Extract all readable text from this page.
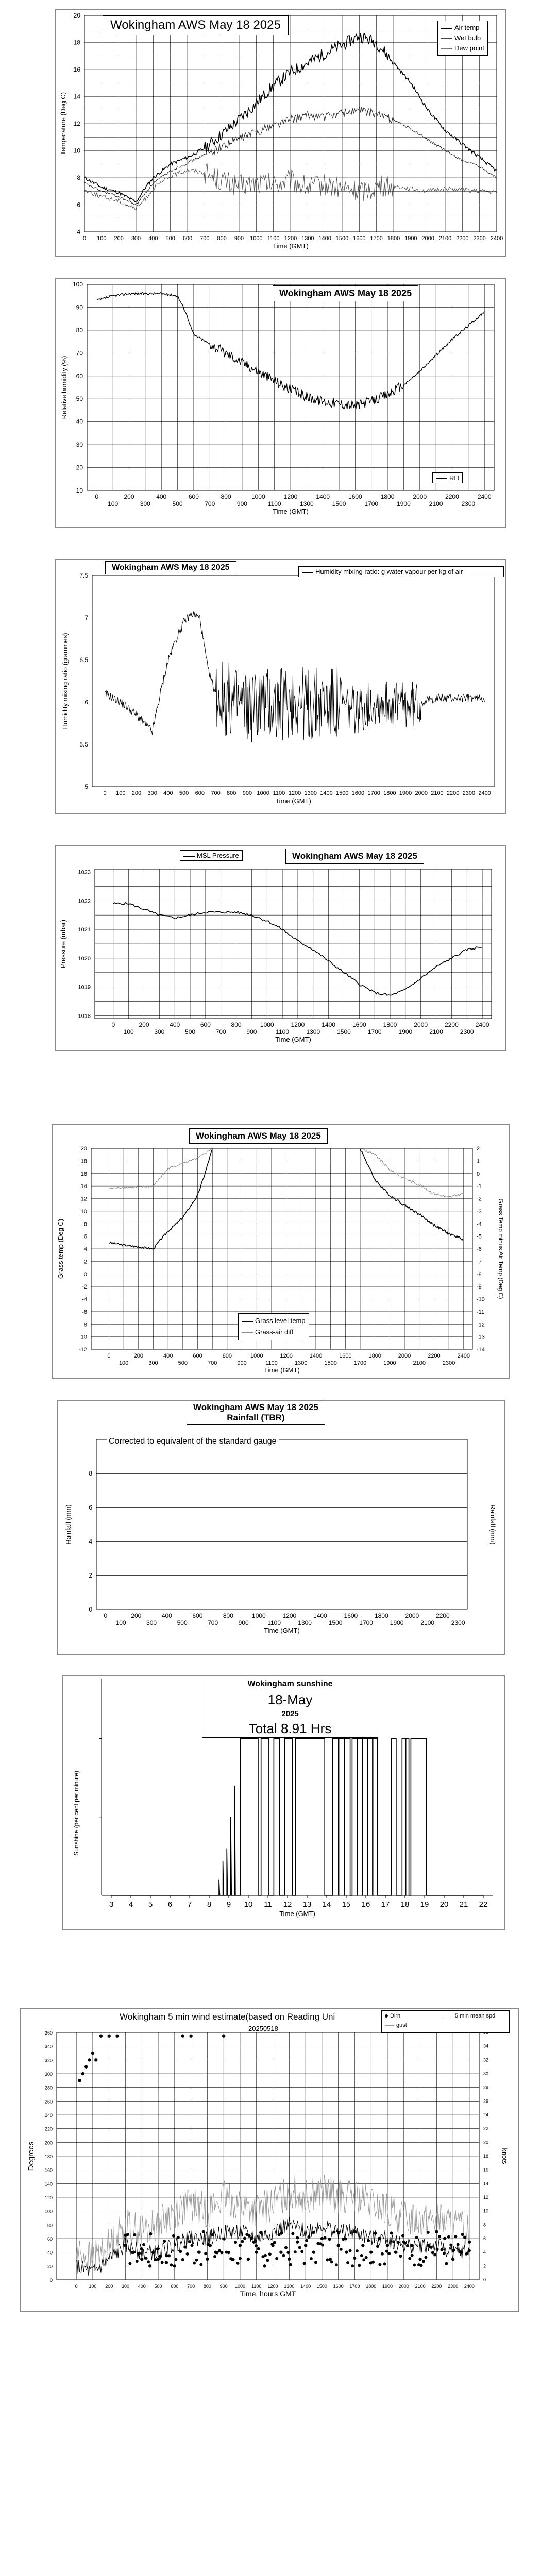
0 100 200 300 400 500 600 700 800 900 1000 1100 1200 1300 1400 1500 1600 1700 1800 1900 2000 2100 2200 2300 2400
4
6
8
10
12
14
16
18
20
Time (GMT)
Temperature (Deg C)
Wokingham AWS May 18 2025	Air temp
Wet bulb
Dew point
0
100
200
300
400
500
600
700
800
900
1000
1100
1200
1300
1400
1500
1600
1700
1800
1900
2000
2100
2200
2300
2400
10
20
30
40
50
60
70
80
90
100
Time (GMT)
Relative humidity (%)
Wokingham AWS May 18 2025
RH
0 100 200 300 400 500 600 700 800 900 1000 1100 1200 1300 1400 1500 1600 1700 1800 1900 2000 2100 2200 2300 2400
5
5.5
6
6.5
7
7.5
Time (GMT)
Humidity mixing ratio (grammes)
Wokingham AWS May 18 2025	Humidity mixing ratio: g water vapour per kg of air
0
100
200
300
400
500
600
700
800
900
1000
1100
1200
1300
1400
1500
1600
1700
1800
1900
2000
2100
2200
2300
2400
1018
1019
1020
1021
1022
1023
Time (GMT)
Pressure (mbar)
MSL Pressure	Wokingham AWS May 18 2025
0
100
200
300
400
500
600
700
800
900
1000
1100
1200
1300
1400
1500
1600
1700
1800
1900
2000
2100
2200
2300
2400
-12
-10
-8
-6
-4
-2
0
2
4
6
8
10
12
14
16
18
20
-14
-13
-12
-11
-10
-9
-8
-7
-6
-5
-4
-3
-2
-1
0
1
2
Time (GMT)
Grass temp (Deg C)	Grass Temp minus Air Temp (Deg C)
Wokingham AWS May 18 2025
Grass level temp
Grass-air diff
0
100
200
300
400
500
600
700
800
900
1000
1100
1200
1300
1400
1500
1600
1700
1800
1900
2000
2100
2200
2300
0
2
4
6
8
Time (GMT)
Rainfall (mm)	Rainfall (mm)
Wokingham AWS May 18 2025
Rainfall (TBR)
Corrected to equivalent of the standard gauge
3 4 5 6 7 8 9 10 11 12 13 14 15 16 17 18 19 20 21 22
Time (GMT)
Sunshine (per cent per minute)
Wokingham sunshine
18-May
2025
Total 8.91 Hrs
0 100 200 300 400 500 600 700 800 900 1000 1100 1200 1300 1400 1500 1600 1700 1800 1900 2000 2100 2200 2300 2400
0
20
40
60
80
100
120
140
160
180
200
220
240
260
280
300
320
340
360
0
2
4
6
8
10
12
14
16
18
20
22
24
26
28
30
32
34
Time, hours GMT
Degrees	knots
Wokingham 5 min wind estimate(based on Reading Uni
20250518
Dirn	5 min mean spd
gust
